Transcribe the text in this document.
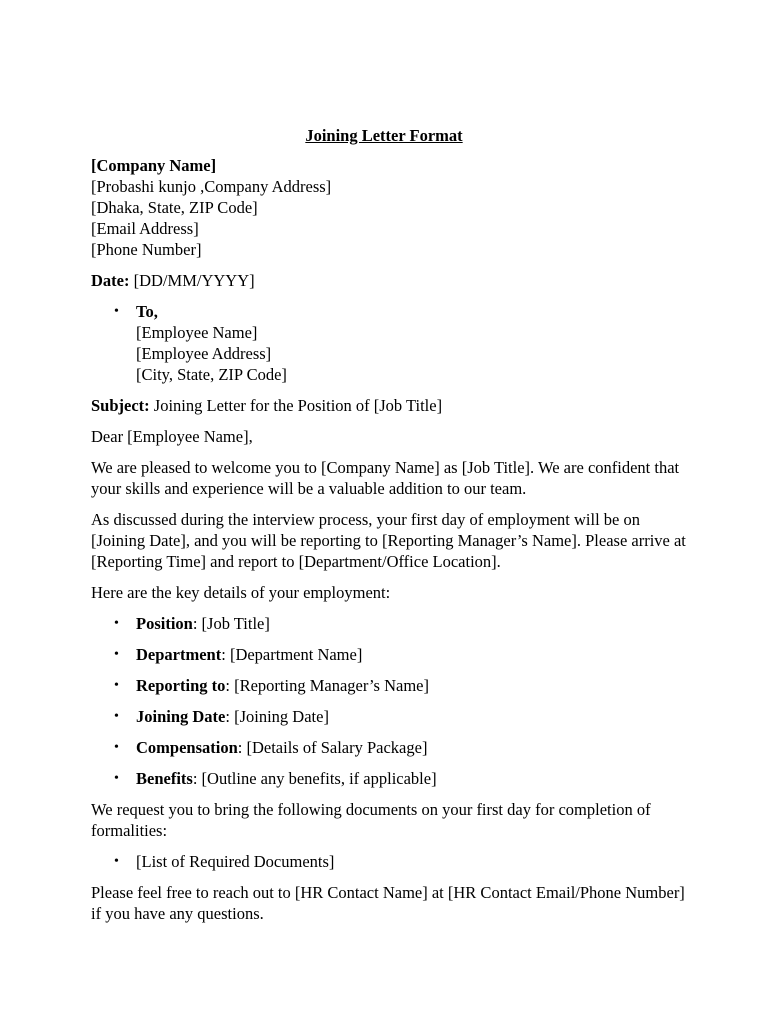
Joining Letter Format

[Company Name]
[Probashi kunjo ,Company Address]
[Dhaka, State, ZIP Code]
[Email Address]
[Phone Number]

Date: [DD/MM/YYYY]

• To,
[Employee Name]
[Employee Address]
[City, State, ZIP Code]

Subject: Joining Letter for the Position of [Job Title]

Dear [Employee Name],

We are pleased to welcome you to [Company Name] as [Job Title]. We are confident that your skills and experience will be a valuable addition to our team.

As discussed during the interview process, your first day of employment will be on [Joining Date], and you will be reporting to [Reporting Manager’s Name]. Please arrive at [Reporting Time] and report to [Department/Office Location].

Here are the key details of your employment:

• Position: [Job Title]
• Department: [Department Name]
• Reporting to: [Reporting Manager’s Name]
• Joining Date: [Joining Date]
• Compensation: [Details of Salary Package]
• Benefits: [Outline any benefits, if applicable]

We request you to bring the following documents on your first day for completion of formalities:

• [List of Required Documents]

Please feel free to reach out to [HR Contact Name] at [HR Contact Email/Phone Number] if you have any questions.
